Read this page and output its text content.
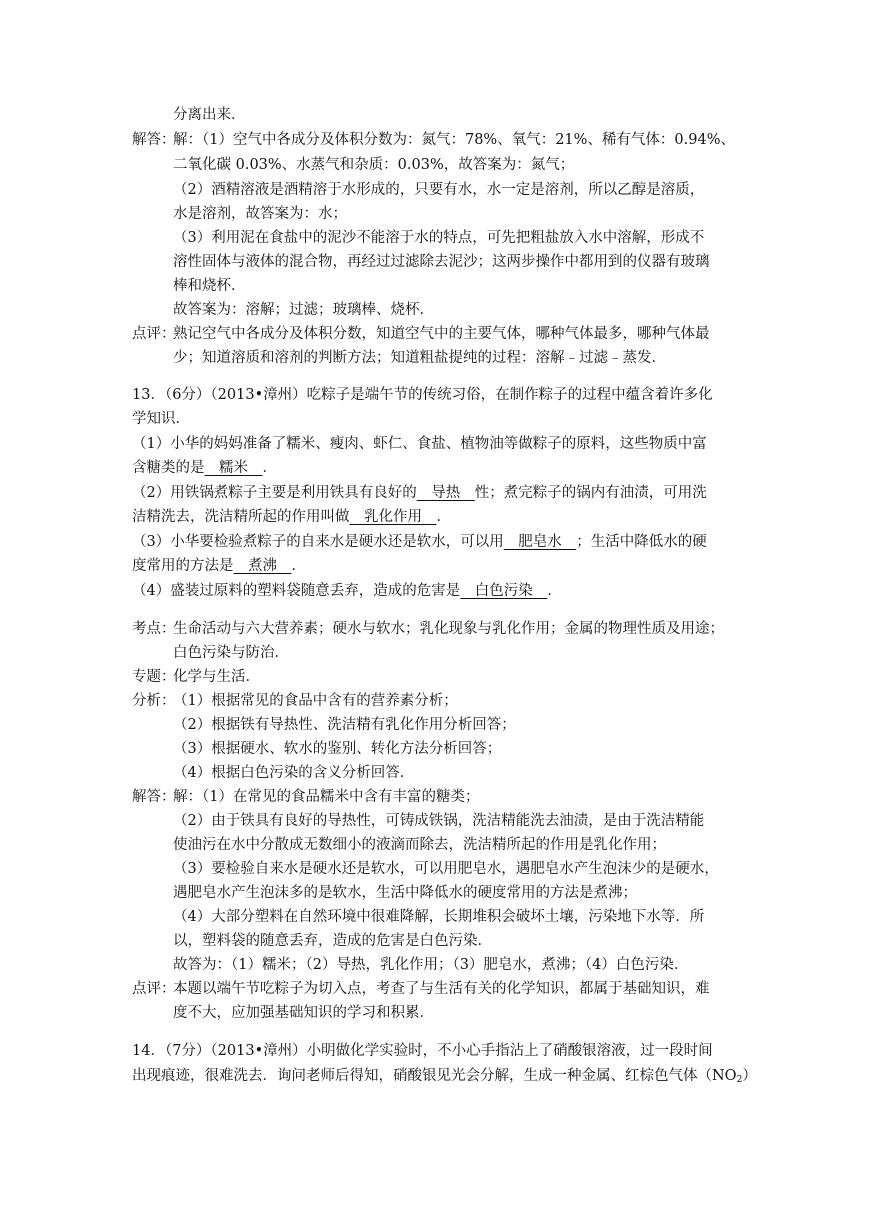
分离出来．
解答：
解：（1）空气中各成分及体积分数为：氮气：78%、氧气：21%、稀有气体：0.94%、
二氧化碳 0.03%、水蒸气和杂质：0.03%，故答案为：氮气；
（2）酒精溶液是酒精溶于水形成的，只要有水，水一定是溶剂，所以乙醇是溶质，
水是溶剂，故答案为：水；
（3）利用泥在食盐中的泥沙不能溶于水的特点，可先把粗盐放入水中溶解，形成不
溶性固体与液体的混合物，再经过过滤除去泥沙；这两步操作中都用到的仪器有玻璃
棒和烧杯．
故答案为：溶解；过滤；玻璃棒、烧杯．
点评：
熟记空气中各成分及体积分数，知道空气中的主要气体，哪种气体最多，哪种气体最
少；知道溶质和溶剂的判断方法；知道粗盐提纯的过程：溶解﹣过滤﹣蒸发．
13．（6分）（2013•漳州）吃粽子是端午节的传统习俗，在制作粽子的过程中蕴含着许多化
学知识．
（1）小华的妈妈准备了糯米、瘦肉、虾仁、食盐、植物油等做粽子的原料，这些物质中富
含糖类的是　糯米　．
（2）用铁锅煮粽子主要是利用铁具有良好的　导热　性；煮完粽子的锅内有油渍，可用洗
洁精洗去，洗洁精所起的作用叫做　乳化作用　．
（3）小华要检验煮粽子的自来水是硬水还是软水，可以用　肥皂水　；生活中降低水的硬
度常用的方法是　煮沸　．
（4）盛装过原料的塑料袋随意丢弃，造成的危害是　白色污染　．
考点：
生命活动与六大营养素；硬水与软水；乳化现象与乳化作用；金属的物理性质及用途；
白色污染与防治．
专题：
化学与生活．
分析：
（1）根据常见的食品中含有的营养素分析；
（2）根据铁有导热性、洗洁精有乳化作用分析回答；
（3）根据硬水、软水的鉴别、转化方法分析回答；
（4）根据白色污染的含义分析回答．
解答：
解：（1）在常见的食品糯米中含有丰富的糖类；
（2）由于铁具有良好的导热性，可铸成铁锅，洗洁精能洗去油渍，是由于洗洁精能
使油污在水中分散成无数细小的液滴而除去，洗洁精所起的作用是乳化作用；
（3）要检验自来水是硬水还是软水，可以用肥皂水，遇肥皂水产生泡沫少的是硬水，
遇肥皂水产生泡沫多的是软水，生活中降低水的硬度常用的方法是煮沸；
（4）大部分塑料在自然环境中很难降解，长期堆积会破坏土壤，污染地下水等．所
以，塑料袋的随意丢弃，造成的危害是白色污染．
故答为：（1）糯米；（2）导热，乳化作用；（3）肥皂水，煮沸；（4）白色污染．
点评：
本题以端午节吃粽子为切入点，考查了与生活有关的化学知识，都属于基础知识，难
度不大，应加强基础知识的学习和积累．
14．（7分）（2013•漳州）小明做化学实验时，不小心手指沾上了硝酸银溶液，过一段时间
出现痕迹，很难洗去．询问老师后得知，硝酸银见光会分解，生成一种金属、红棕色气体$(NO_2)$
